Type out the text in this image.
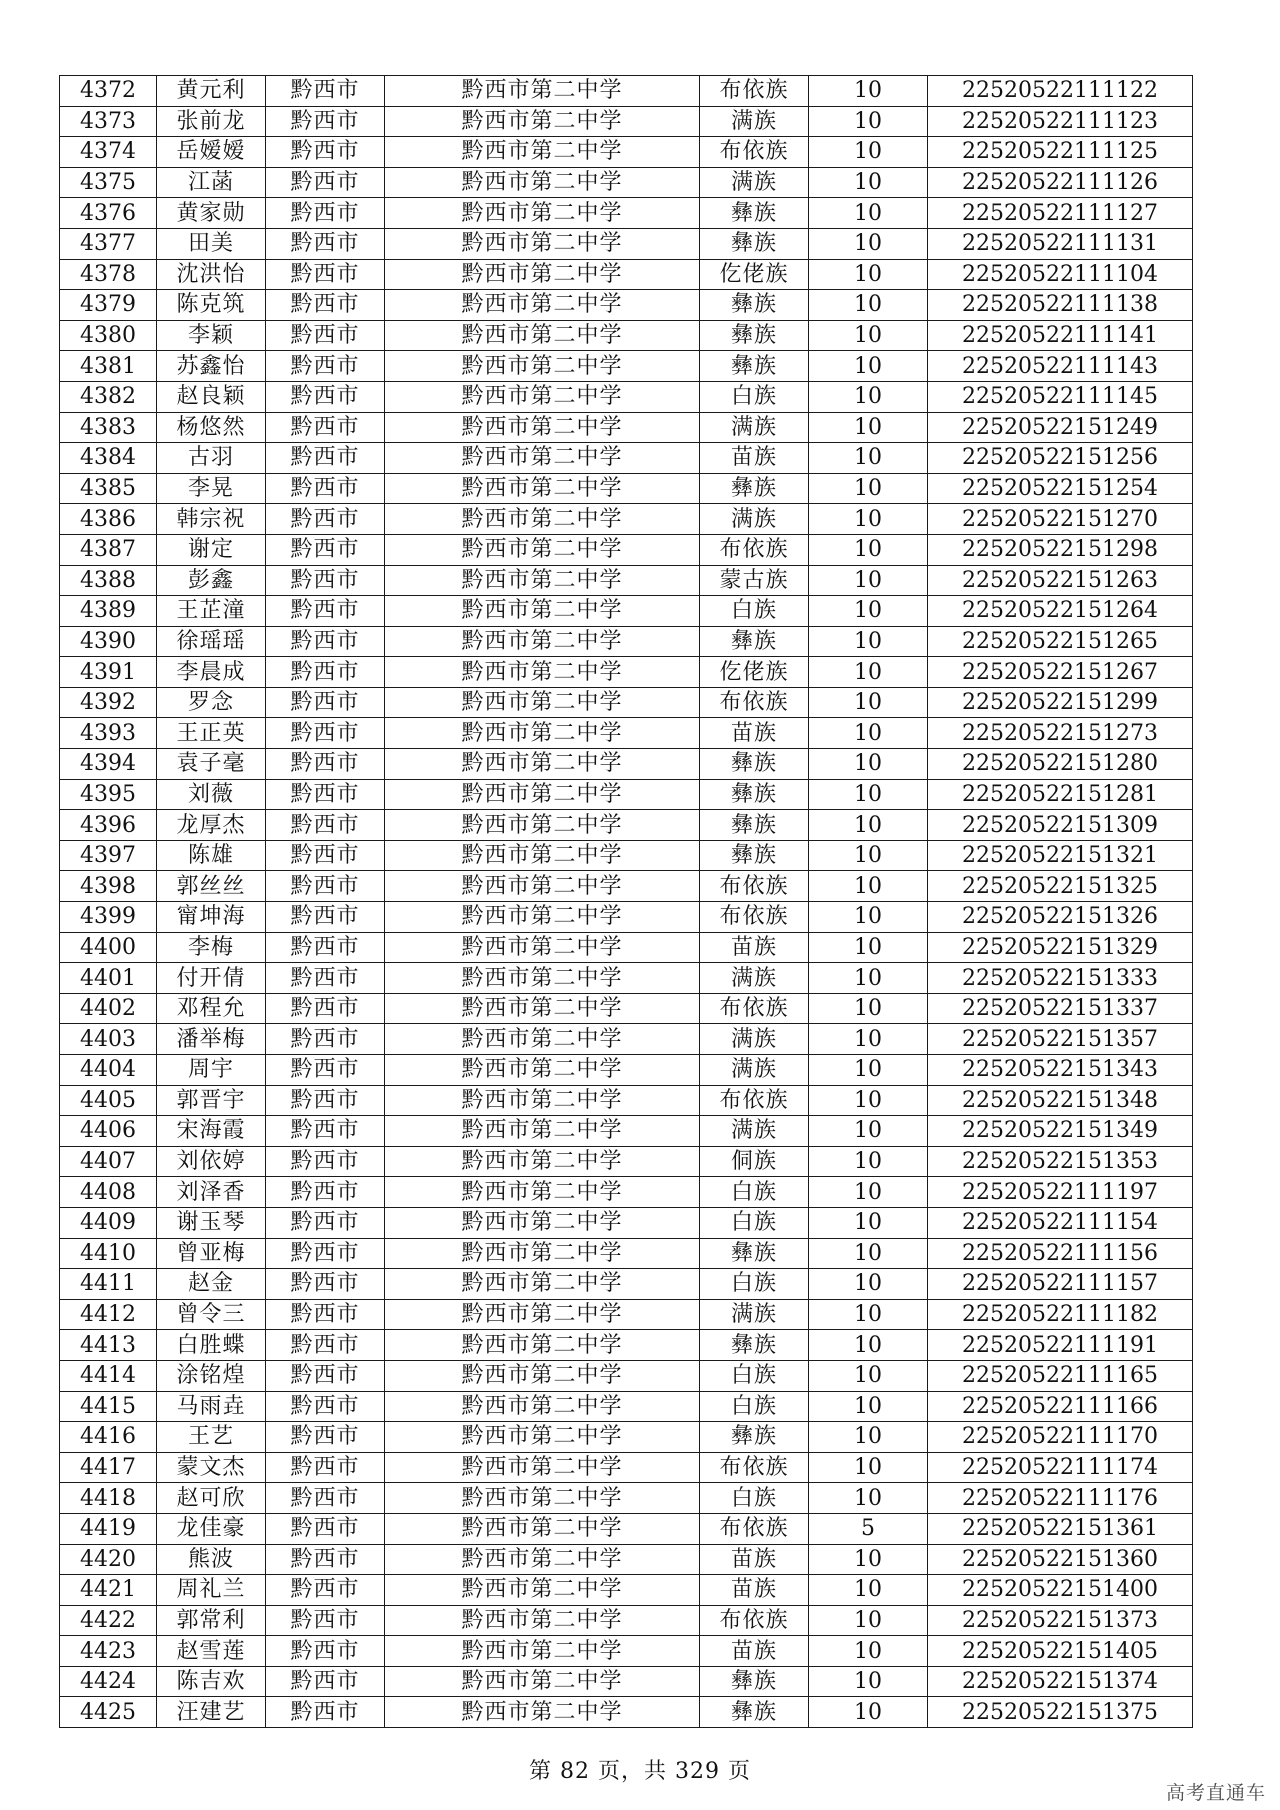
4372	黄元利	黔西市	黔西市第二中学	布依族	10	22520522111122
4373	张前龙	黔西市	黔西市第二中学	满族	10	22520522111123
4374	岳嫒嫒	黔西市	黔西市第二中学	布依族	10	22520522111125
4375	江菡	黔西市	黔西市第二中学	满族	10	22520522111126
4376	黄家勋	黔西市	黔西市第二中学	彝族	10	22520522111127
4377	田美	黔西市	黔西市第二中学	彝族	10	22520522111131
4378	沈洪怡	黔西市	黔西市第二中学	仡佬族	10	22520522111104
4379	陈克筑	黔西市	黔西市第二中学	彝族	10	22520522111138
4380	李颖	黔西市	黔西市第二中学	彝族	10	22520522111141
4381	苏鑫怡	黔西市	黔西市第二中学	彝族	10	22520522111143
4382	赵良颖	黔西市	黔西市第二中学	白族	10	22520522111145
4383	杨悠然	黔西市	黔西市第二中学	满族	10	22520522151249
4384	古羽	黔西市	黔西市第二中学	苗族	10	22520522151256
4385	李晃	黔西市	黔西市第二中学	彝族	10	22520522151254
4386	韩宗祝	黔西市	黔西市第二中学	满族	10	22520522151270
4387	谢定	黔西市	黔西市第二中学	布依族	10	22520522151298
4388	彭鑫	黔西市	黔西市第二中学	蒙古族	10	22520522151263
4389	王芷潼	黔西市	黔西市第二中学	白族	10	22520522151264
4390	徐瑶瑶	黔西市	黔西市第二中学	彝族	10	22520522151265
4391	李晨成	黔西市	黔西市第二中学	仡佬族	10	22520522151267
4392	罗念	黔西市	黔西市第二中学	布依族	10	22520522151299
4393	王正英	黔西市	黔西市第二中学	苗族	10	22520522151273
4394	袁子毫	黔西市	黔西市第二中学	彝族	10	22520522151280
4395	刘薇	黔西市	黔西市第二中学	彝族	10	22520522151281
4396	龙厚杰	黔西市	黔西市第二中学	彝族	10	22520522151309
4397	陈雄	黔西市	黔西市第二中学	彝族	10	22520522151321
4398	郭丝丝	黔西市	黔西市第二中学	布依族	10	22520522151325
4399	甯坤海	黔西市	黔西市第二中学	布依族	10	22520522151326
4400	李梅	黔西市	黔西市第二中学	苗族	10	22520522151329
4401	付开倩	黔西市	黔西市第二中学	满族	10	22520522151333
4402	邓程允	黔西市	黔西市第二中学	布依族	10	22520522151337
4403	潘举梅	黔西市	黔西市第二中学	满族	10	22520522151357
4404	周宇	黔西市	黔西市第二中学	满族	10	22520522151343
4405	郭晋宇	黔西市	黔西市第二中学	布依族	10	22520522151348
4406	宋海霞	黔西市	黔西市第二中学	满族	10	22520522151349
4407	刘依婷	黔西市	黔西市第二中学	侗族	10	22520522151353
4408	刘泽香	黔西市	黔西市第二中学	白族	10	22520522111197
4409	谢玉琴	黔西市	黔西市第二中学	白族	10	22520522111154
4410	曾亚梅	黔西市	黔西市第二中学	彝族	10	22520522111156
4411	赵金	黔西市	黔西市第二中学	白族	10	22520522111157
4412	曾令三	黔西市	黔西市第二中学	满族	10	22520522111182
4413	白胜蝶	黔西市	黔西市第二中学	彝族	10	22520522111191
4414	涂铭煌	黔西市	黔西市第二中学	白族	10	22520522111165
4415	马雨垚	黔西市	黔西市第二中学	白族	10	22520522111166
4416	王艺	黔西市	黔西市第二中学	彝族	10	22520522111170
4417	蒙文杰	黔西市	黔西市第二中学	布依族	10	22520522111174
4418	赵可欣	黔西市	黔西市第二中学	白族	10	22520522111176
4419	龙佳豪	黔西市	黔西市第二中学	布依族	5	22520522151361
4420	熊波	黔西市	黔西市第二中学	苗族	10	22520522151360
4421	周礼兰	黔西市	黔西市第二中学	苗族	10	22520522151400
4422	郭常利	黔西市	黔西市第二中学	布依族	10	22520522151373
4423	赵雪莲	黔西市	黔西市第二中学	苗族	10	22520522151405
4424	陈吉欢	黔西市	黔西市第二中学	彝族	10	22520522151374
4425	汪建艺	黔西市	黔西市第二中学	彝族	10	22520522151375
第 82 页，共 329 页
高考直通车
